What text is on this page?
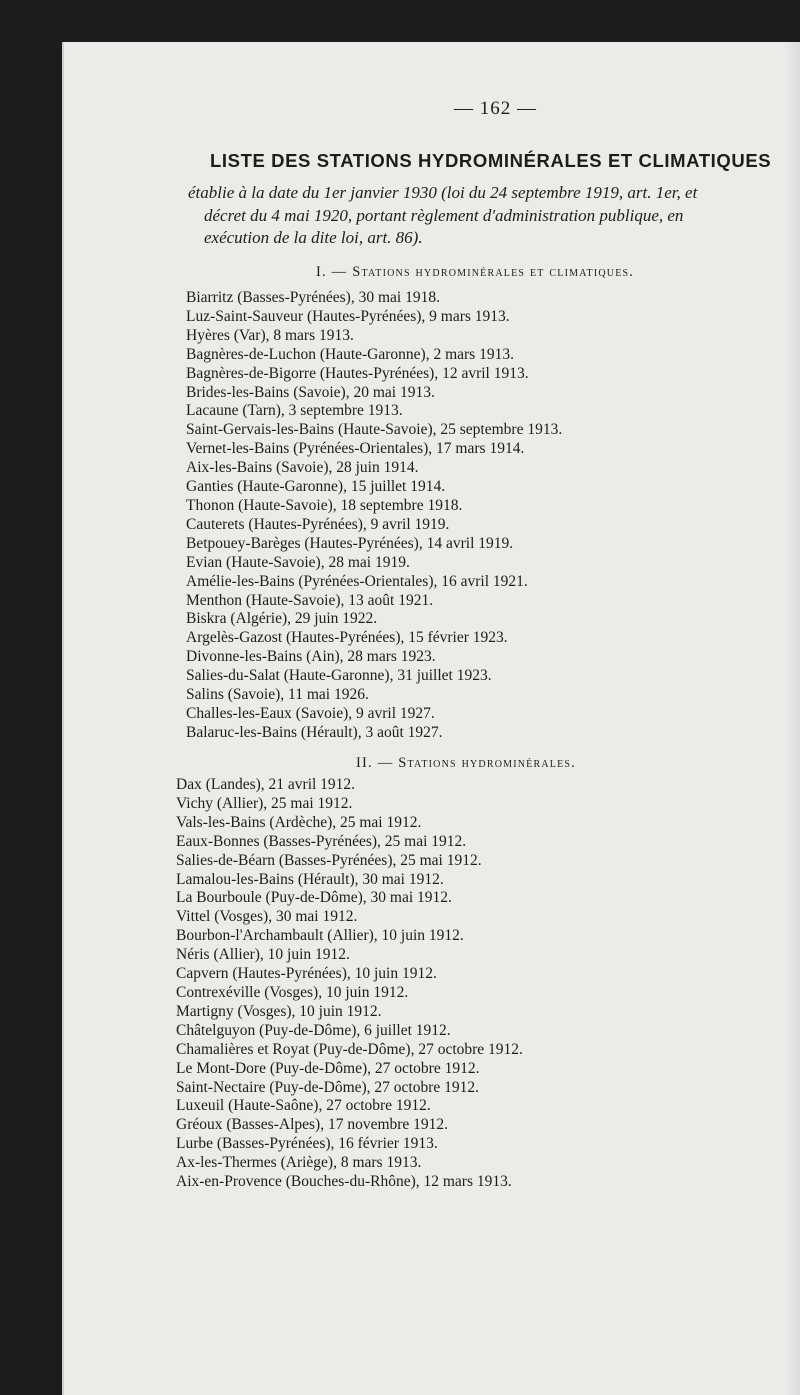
— 162 —
LISTE DES STATIONS HYDROMINÉRALES ET CLIMATIQUES
établie à la date du 1er janvier 1930 (loi du 24 septembre 1919, art. 1er, et
décret du 4 mai 1920, portant règlement d'administration publique, en
exécution de la dite loi, art. 86).
I. — Stations hydrominérales et climatiques.
Biarritz (Basses-Pyrénées), 30 mai 1918.
Luz-Saint-Sauveur (Hautes-Pyrénées), 9 mars 1913.
Hyères (Var), 8 mars 1913.
Bagnères-de-Luchon (Haute-Garonne), 2 mars 1913.
Bagnères-de-Bigorre (Hautes-Pyrénées), 12 avril 1913.
Brides-les-Bains (Savoie), 20 mai 1913.
Lacaune (Tarn), 3 septembre 1913.
Saint-Gervais-les-Bains (Haute-Savoie), 25 septembre 1913.
Vernet-les-Bains (Pyrénées-Orientales), 17 mars 1914.
Aix-les-Bains (Savoie), 28 juin 1914.
Ganties (Haute-Garonne), 15 juillet 1914.
Thonon (Haute-Savoie), 18 septembre 1918.
Cauterets (Hautes-Pyrénées), 9 avril 1919.
Betpouey-Barèges (Hautes-Pyrénées), 14 avril 1919.
Evian (Haute-Savoie), 28 mai 1919.
Amélie-les-Bains (Pyrénées-Orientales), 16 avril 1921.
Menthon (Haute-Savoie), 13 août 1921.
Biskra (Algérie), 29 juin 1922.
Argelès-Gazost (Hautes-Pyrénées), 15 février 1923.
Divonne-les-Bains (Ain), 28 mars 1923.
Salies-du-Salat (Haute-Garonne), 31 juillet 1923.
Salins (Savoie), 11 mai 1926.
Challes-les-Eaux (Savoie), 9 avril 1927.
Balaruc-les-Bains (Hérault), 3 août 1927.
II. — Stations hydrominérales.
Dax (Landes), 21 avril 1912.
Vichy (Allier), 25 mai 1912.
Vals-les-Bains (Ardèche), 25 mai 1912.
Eaux-Bonnes (Basses-Pyrénées), 25 mai 1912.
Salies-de-Béarn (Basses-Pyrénées), 25 mai 1912.
Lamalou-les-Bains (Hérault), 30 mai 1912.
La Bourboule (Puy-de-Dôme), 30 mai 1912.
Vittel (Vosges), 30 mai 1912.
Bourbon-l'Archambault (Allier), 10 juin 1912.
Néris (Allier), 10 juin 1912.
Capvern (Hautes-Pyrénées), 10 juin 1912.
Contrexéville (Vosges), 10 juin 1912.
Martigny (Vosges), 10 juin 1912.
Châtelguyon (Puy-de-Dôme), 6 juillet 1912.
Chamalières et Royat (Puy-de-Dôme), 27 octobre 1912.
Le Mont-Dore (Puy-de-Dôme), 27 octobre 1912.
Saint-Nectaire (Puy-de-Dôme), 27 octobre 1912.
Luxeuil (Haute-Saône), 27 octobre 1912.
Gréoux (Basses-Alpes), 17 novembre 1912.
Lurbe (Basses-Pyrénées), 16 février 1913.
Ax-les-Thermes (Ariège), 8 mars 1913.
Aix-en-Provence (Bouches-du-Rhône), 12 mars 1913.
